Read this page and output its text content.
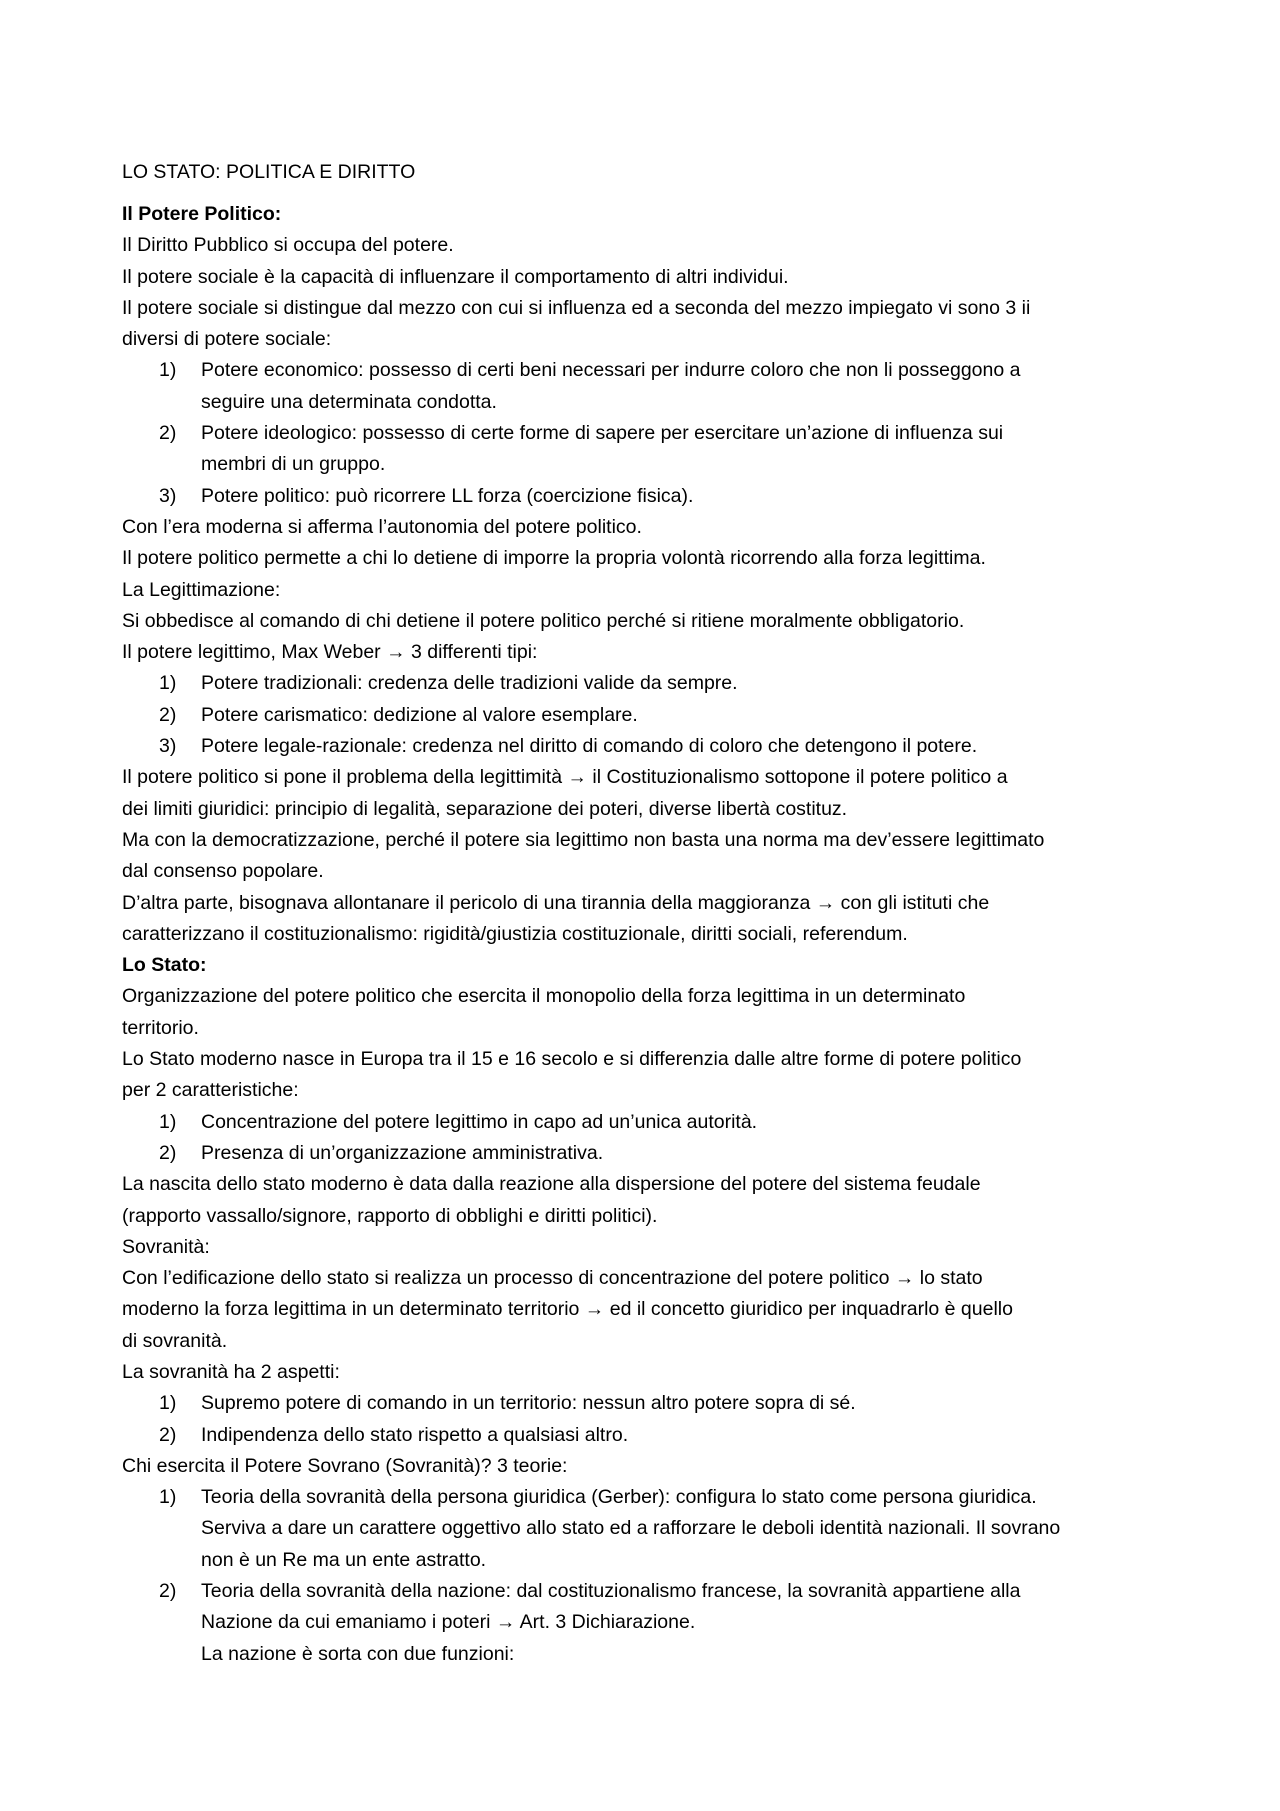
LO STATO: POLITICA E DIRITTO
Il Potere Politico:
Il Diritto Pubblico si occupa del potere.
Il potere sociale è la capacità di influenzare il comportamento di altri individui.
Il potere sociale si distingue dal mezzo con cui si influenza ed a seconda del mezzo impiegato vi sono 3 ii
diversi di potere sociale:
1)	Potere economico: possesso di certi beni necessari per indurre coloro che non li posseggono a
seguire una determinata condotta.
2)	Potere ideologico: possesso di certe forme di sapere per esercitare un’azione di influenza sui
membri di un gruppo.
3)	Potere politico: può ricorrere LL forza (coercizione fisica).
Con l’era moderna si afferma l’autonomia del potere politico.
Il potere politico permette a chi lo detiene di imporre la propria volontà ricorrendo alla forza legittima.
La Legittimazione:
Si obbedisce al comando di chi detiene il potere politico perché si ritiene moralmente obbligatorio.
Il potere legittimo, Max Weber → 3 differenti tipi:
1)	Potere tradizionali: credenza delle tradizioni valide da sempre.
2)	Potere carismatico: dedizione al valore esemplare.
3)	Potere legale-razionale: credenza nel diritto di comando di coloro che detengono il potere.
Il potere politico si pone il problema della legittimità → il Costituzionalismo sottopone il potere politico a
dei limiti giuridici: principio di legalità, separazione dei poteri, diverse libertà costituz.
Ma con la democratizzazione, perché il potere sia legittimo non basta una norma ma dev’essere legittimato
dal consenso popolare.
D’altra parte, bisognava allontanare il pericolo di una tirannia della maggioranza → con gli istituti che
caratterizzano il costituzionalismo: rigidità/giustizia costituzionale, diritti sociali, referendum.
Lo Stato:
Organizzazione del potere politico che esercita il monopolio della forza legittima in un determinato
territorio.
Lo Stato moderno nasce in Europa tra il 15 e 16 secolo e si differenzia dalle altre forme di potere politico
per 2 caratteristiche:
1)	Concentrazione del potere legittimo in capo ad un’unica autorità.
2)	Presenza di un’organizzazione amministrativa.
La nascita dello stato moderno è data dalla reazione alla dispersione del potere del sistema feudale
(rapporto vassallo/signore, rapporto di obblighi e diritti politici).
Sovranità:
Con l’edificazione dello stato si realizza un processo di concentrazione del potere politico → lo stato
moderno la forza legittima in un determinato territorio → ed il concetto giuridico per inquadrarlo è quello
di sovranità.
La sovranità ha 2 aspetti:
1)	Supremo potere di comando in un territorio: nessun altro potere sopra di sé.
2)	Indipendenza dello stato rispetto a qualsiasi altro.
Chi esercita il Potere Sovrano (Sovranità)? 3 teorie:
1)	Teoria della sovranità della persona giuridica (Gerber): configura lo stato come persona giuridica.
Serviva a dare un carattere oggettivo allo stato ed a rafforzare le deboli identità nazionali. Il sovrano
non è un Re ma un ente astratto.
2)	Teoria della sovranità della nazione: dal costituzionalismo francese, la sovranità appartiene alla
Nazione da cui emaniamo i poteri → Art. 3 Dichiarazione.
La nazione è sorta con due funzioni:
